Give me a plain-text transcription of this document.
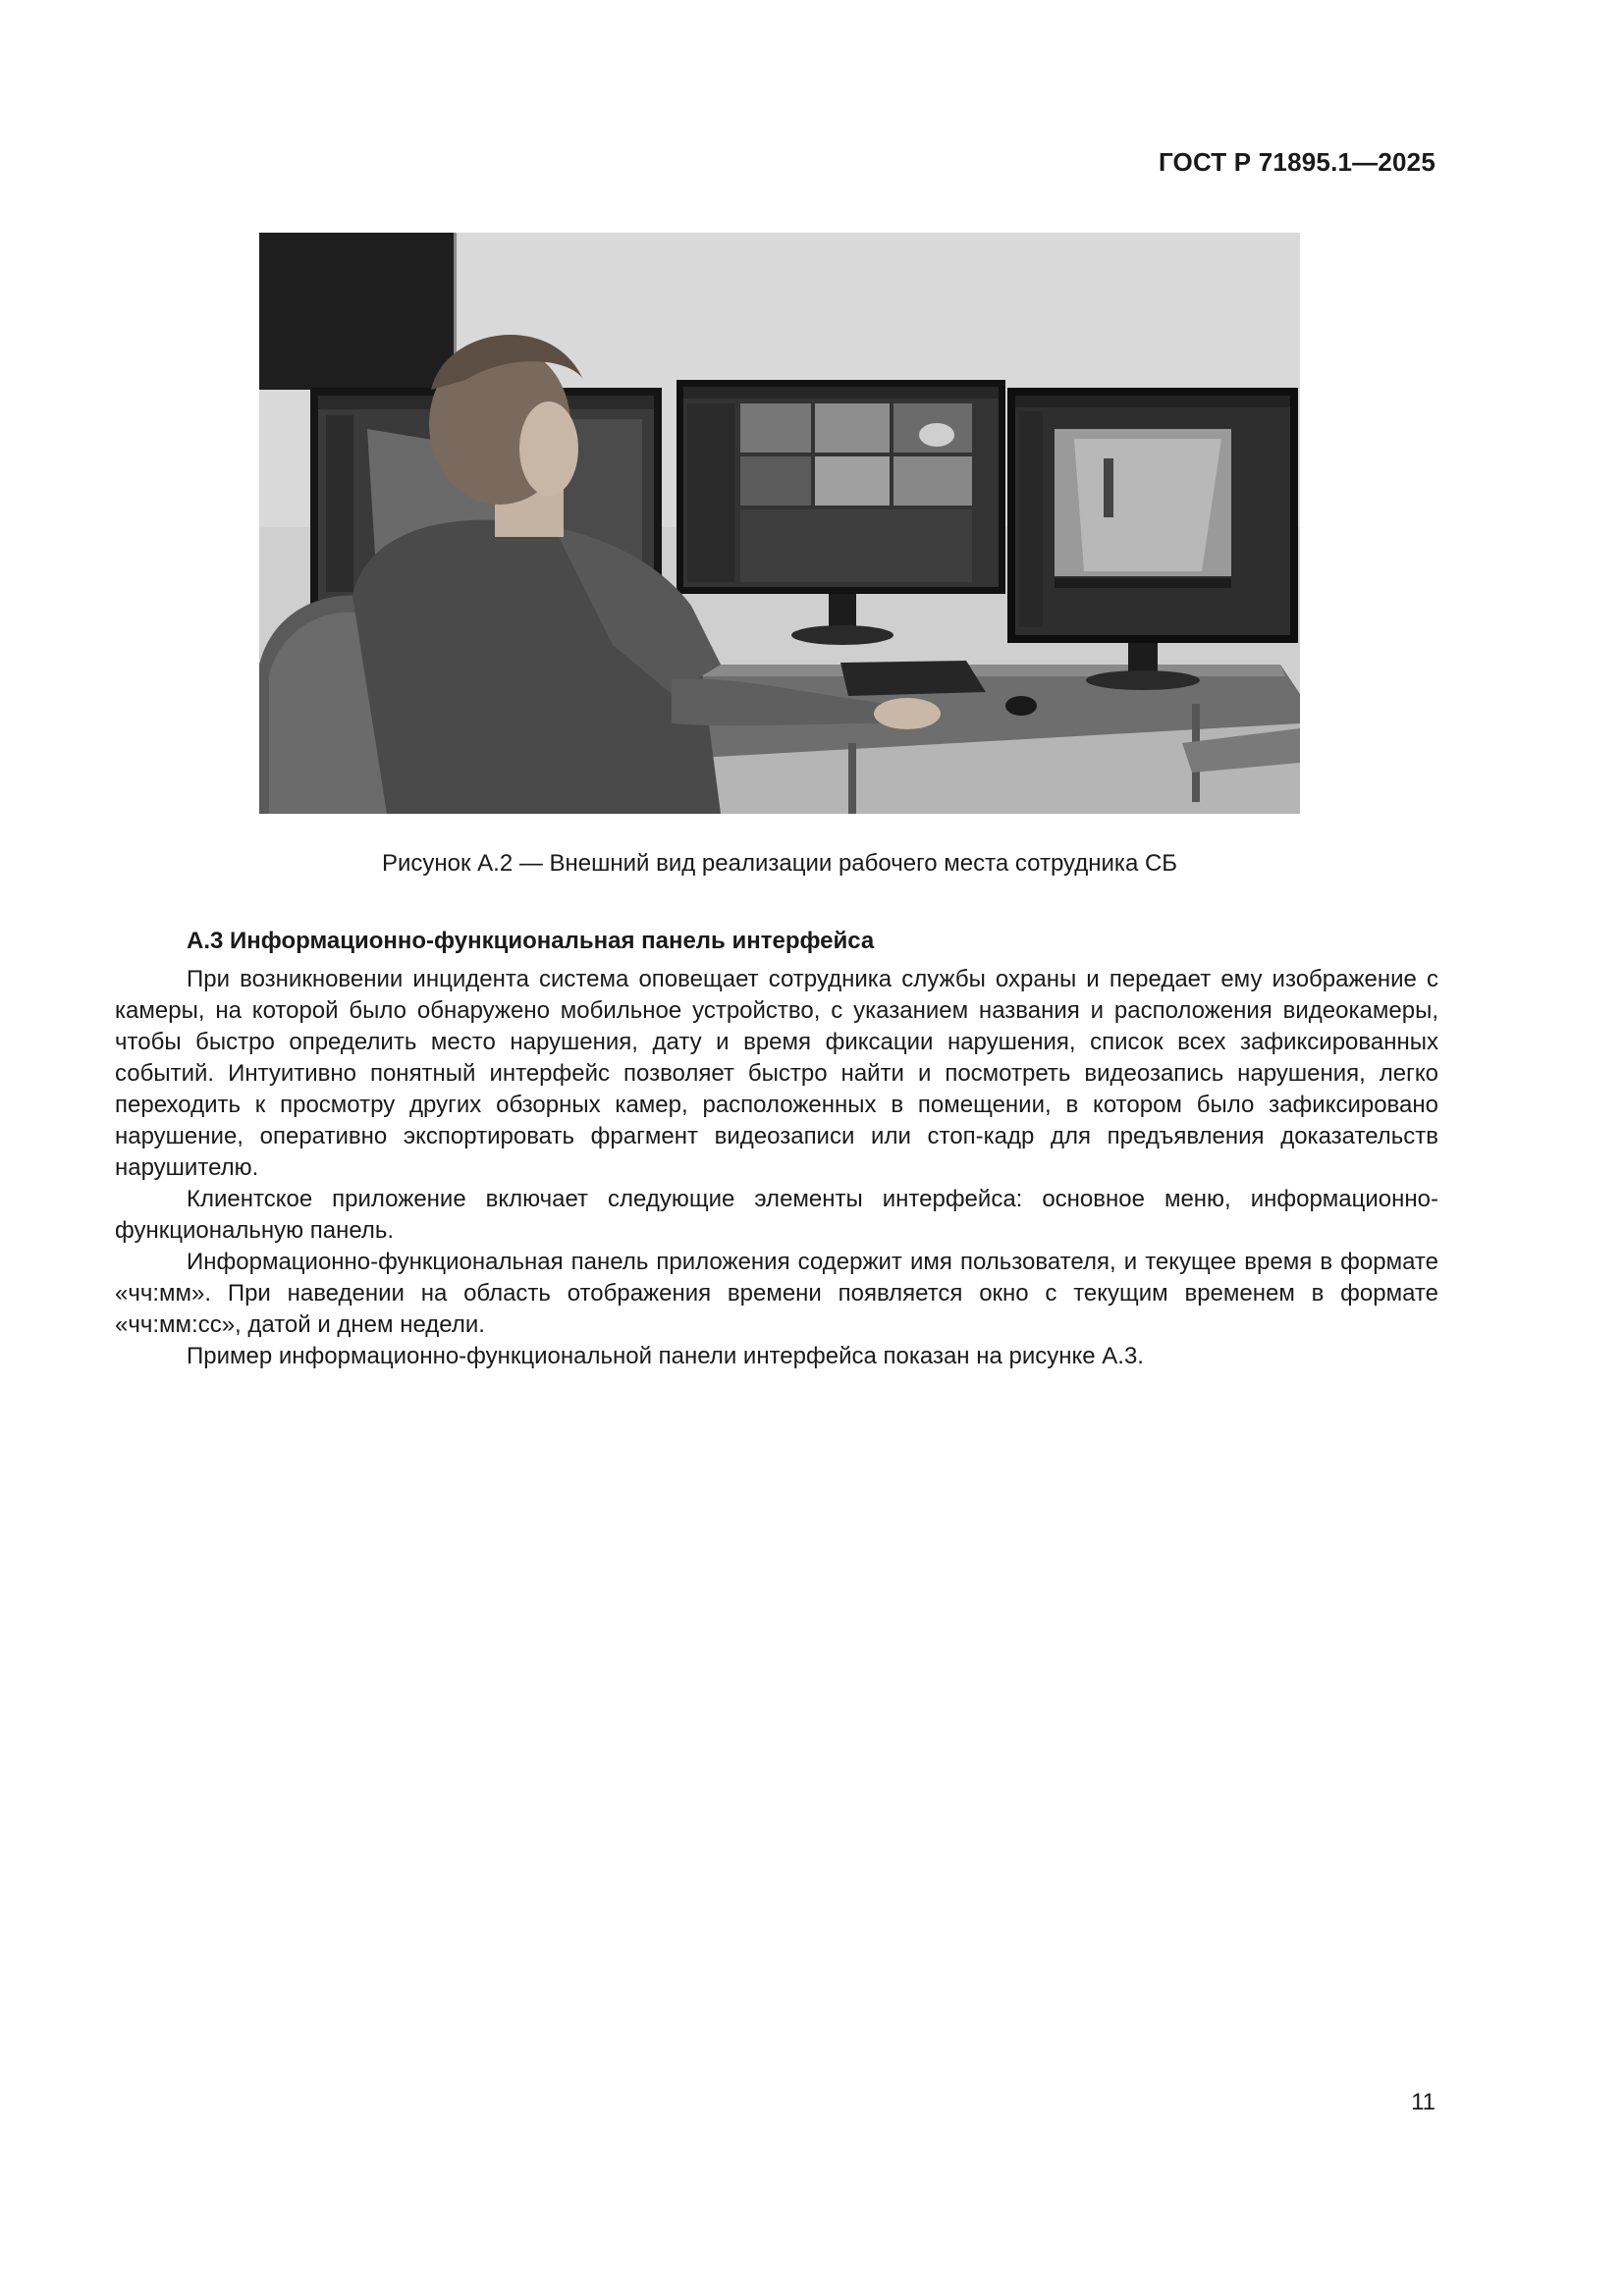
ГОСТ Р 71895.1—2025
Рисунок А.2 — Внешний вид реализации рабочего места сотрудника СБ
А.3 Информационно-функциональная панель интерфейса

При возникновении инцидента система оповещает сотрудника службы охраны и передает ему изображение с камеры, на которой было обнаружено мобильное устройство, с указанием названия и расположения видеокамеры, чтобы быстро определить место нарушения, дату и время фиксации нарушения, список всех зафиксированных событий. Интуитивно понятный интерфейс позволяет быстро найти и посмотреть видеозапись нарушения, легко переходить к просмотру других обзорных камер, расположенных в помещении, в котором было зафиксировано нарушение, оперативно экспортировать фрагмент видеозаписи или стоп-кадр для предъявления доказательств нарушителю.

Клиентское приложение включает следующие элементы интерфейса: основное меню, информационно-функциональную панель.

Информационно-функциональная панель приложения содержит имя пользователя, и текущее время в формате «чч:мм». При наведении на область отображения времени появляется окно с текущим временем в формате «чч:мм:сс», датой и днем недели.

Пример информационно-функциональной панели интерфейса показан на рисунке А.3.

11
